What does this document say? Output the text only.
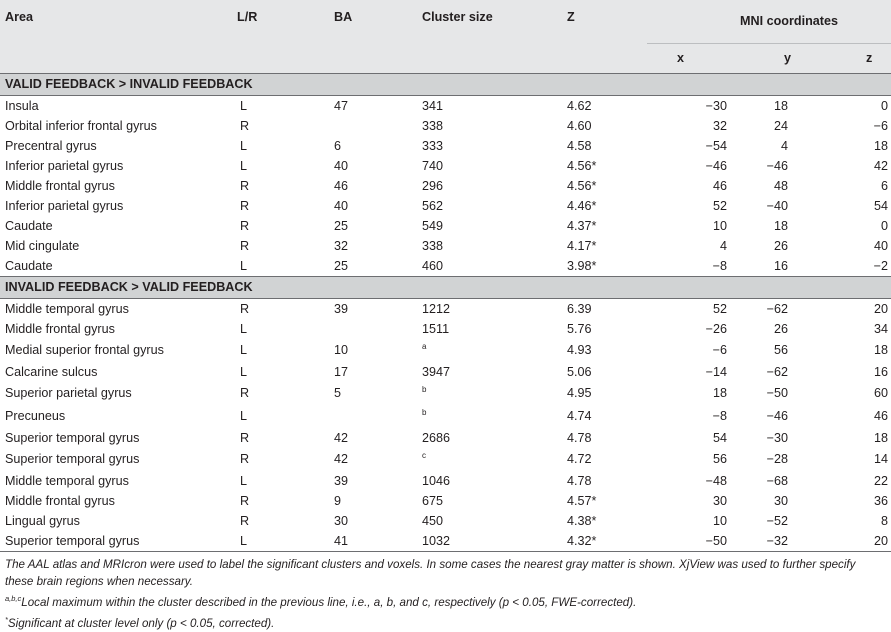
Area	L/R	BA	Cluster size	Z	MNI coordinates		
					x	y	z
VALID FEEDBACK > INVALID FEEDBACK							
Insula	L	47	341	4.62	−30	18	0
Orbital inferior frontal gyrus	R		338	4.60	32	24	−6
Precentral gyrus	L	6	333	4.58	−54	4	18
Inferior parietal gyrus	L	40	740	4.56*	−46	−46	42
Middle frontal gyrus	R	46	296	4.56*	46	48	6
Inferior parietal gyrus	R	40	562	4.46*	52	−40	54
Caudate	R	25	549	4.37*	10	18	0
Mid cingulate	R	32	338	4.17*	4	26	40
Caudate	L	25	460	3.98*	−8	16	−2
INVALID FEEDBACK > VALID FEEDBACK							
Middle temporal gyrus	R	39	1212	6.39	52	−62	20
Middle frontal gyrus	L		1511	5.76	−26	26	34
Medial superior frontal gyrus	L	10	a	4.93	−6	56	18
Calcarine sulcus	L	17	3947	5.06	−14	−62	16
Superior parietal gyrus	R	5	b	4.95	18	−50	60
Precuneus	L		b	4.74	−8	−46	46
Superior temporal gyrus	R	42	2686	4.78	54	−30	18
Superior temporal gyrus	R	42	c	4.72	56	−28	14
Middle temporal gyrus	L	39	1046	4.78	−48	−68	22
Middle frontal gyrus	R	9	675	4.57*	30	30	36
Lingual gyrus	R	30	450	4.38*	10	−52	8
Superior temporal gyrus	L	41	1032	4.32*	−50	−32	20

The AAL atlas and MRIcron were used to label the significant clusters and voxels. In some cases the nearest gray matter is shown. XjView was used to further specify these brain regions when necessary.

$^{a,b,c}$Local maximum within the cluster described in the previous line, i.e., a, b, and c, respectively (p < 0.05, FWE-corrected).

*Significant at cluster level only (p < 0.05, corrected).
